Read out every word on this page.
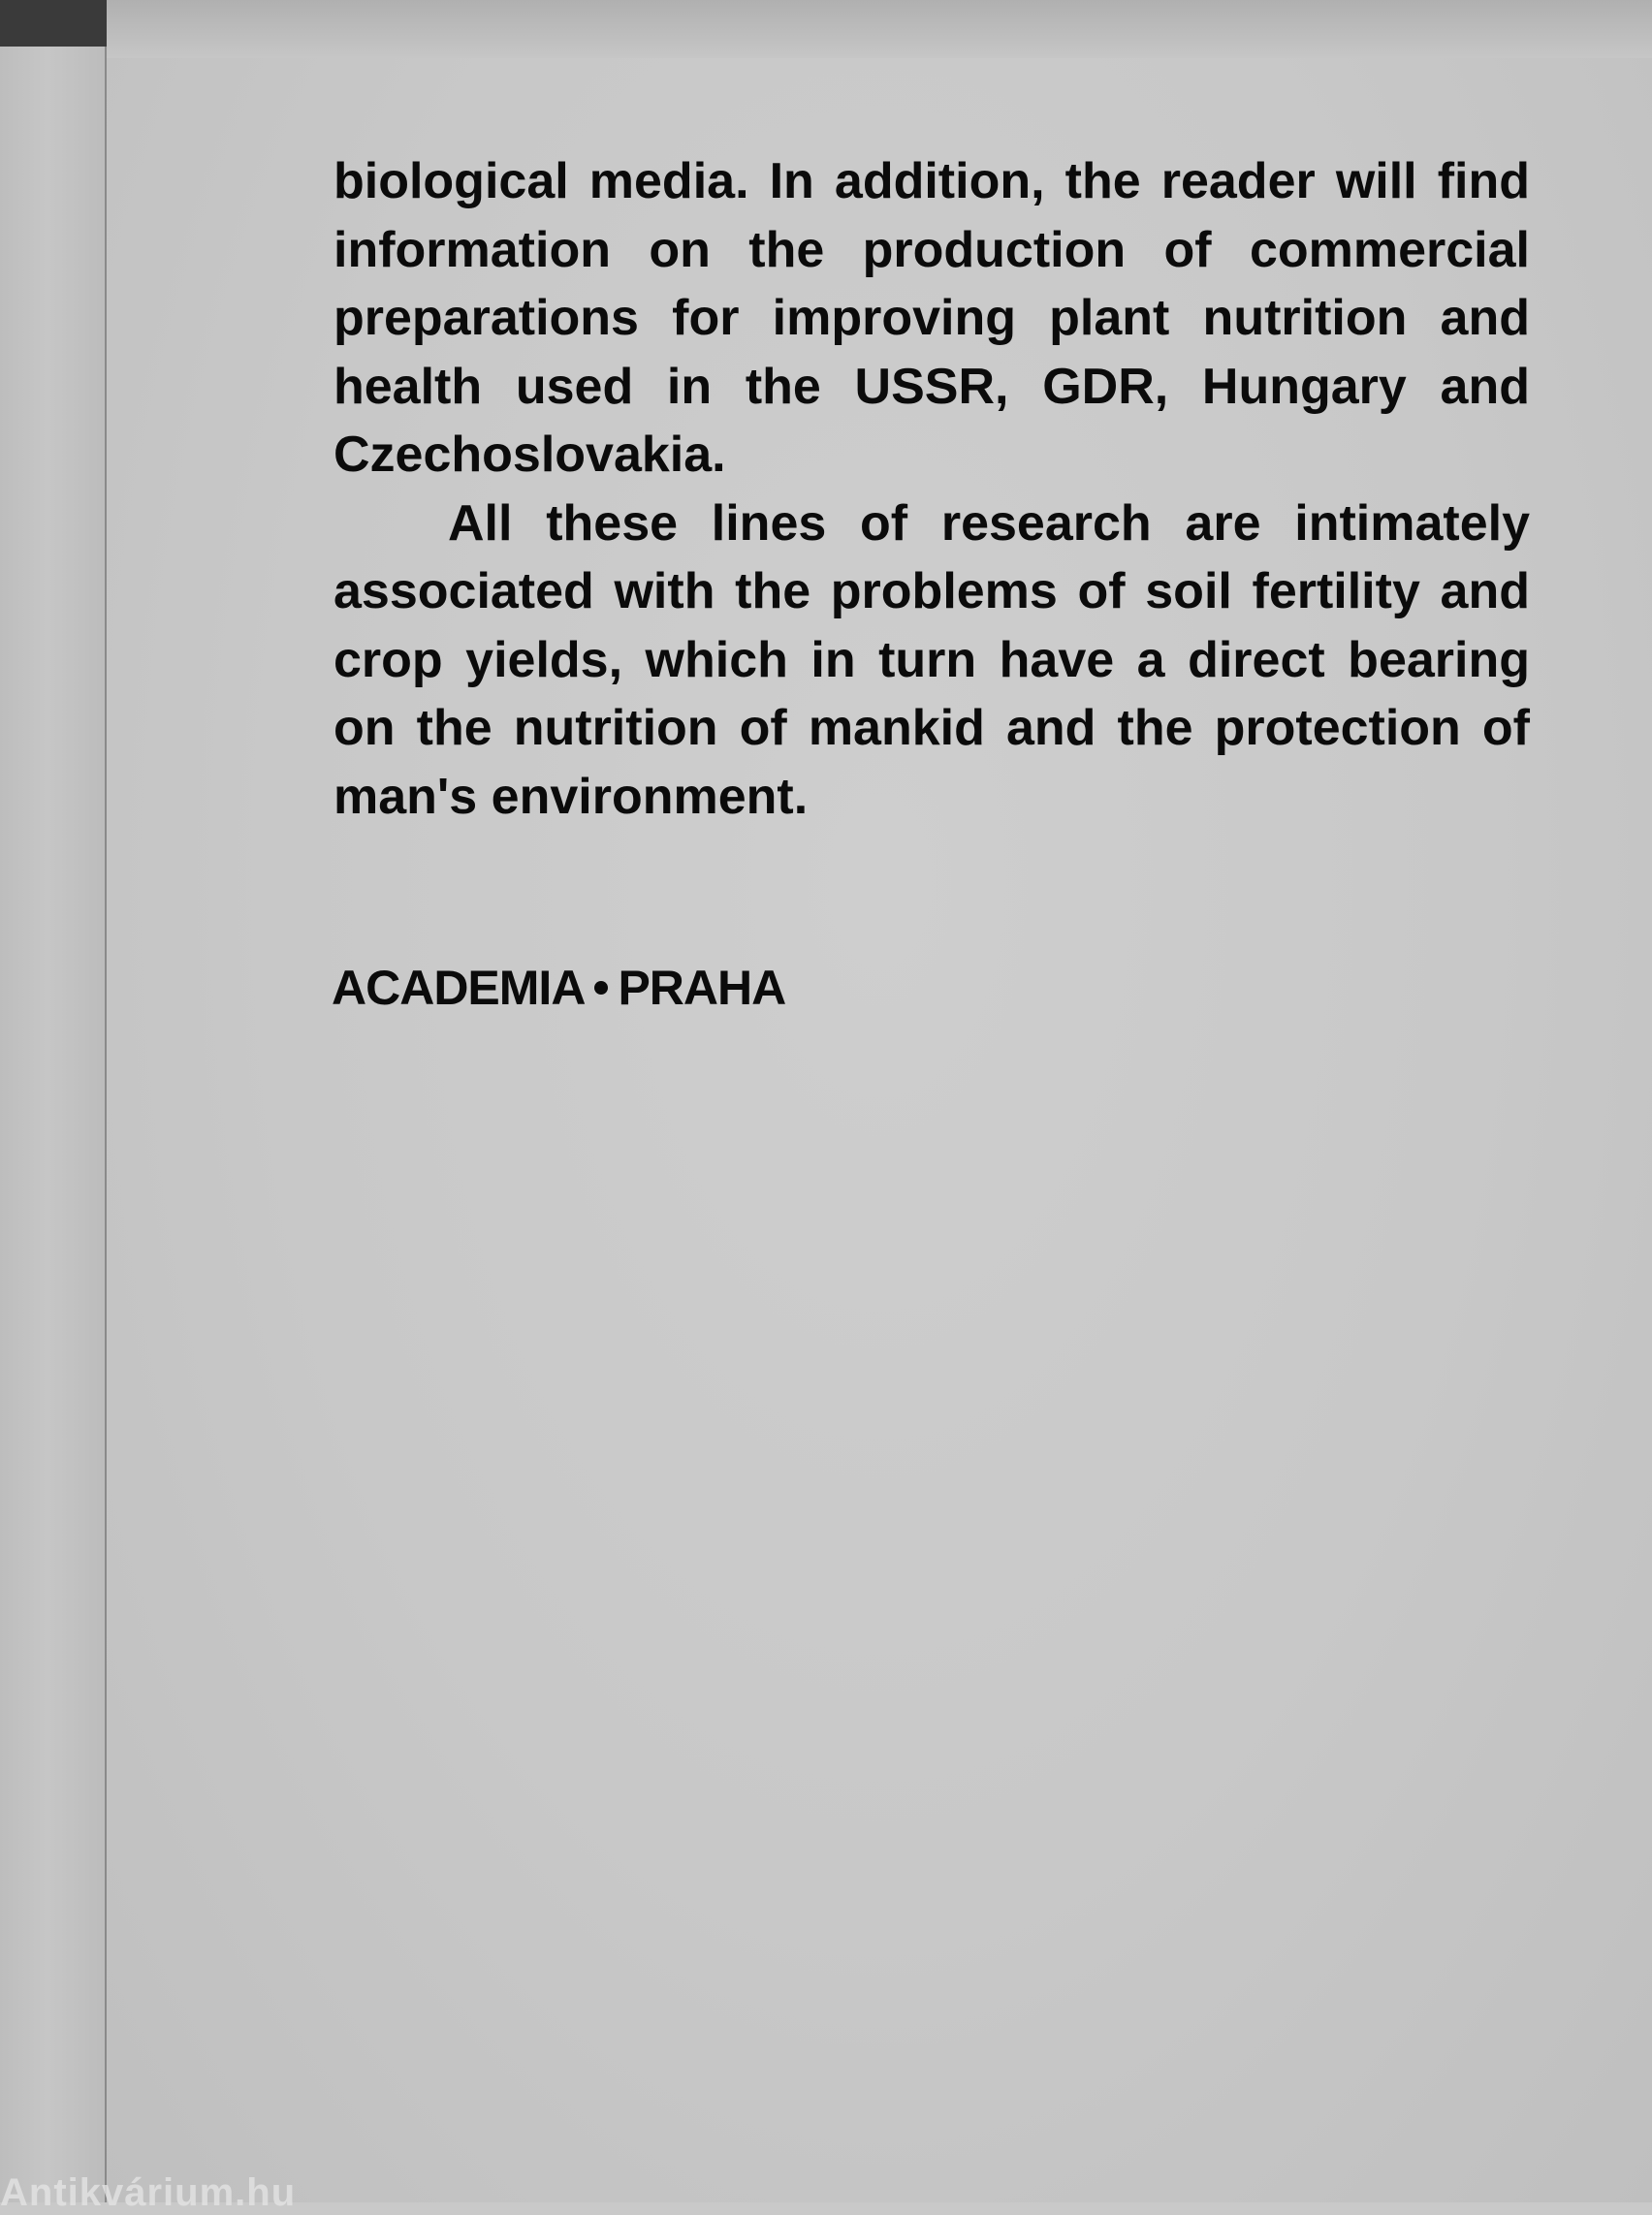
biological media. In addition, the reader will find information on the production of commercial preparations for improving plant nutrition and health used in the USSR, GDR, Hungary and Czechoslovakia.

All these lines of research are intimately associated with the problems of soil fertility and crop yields, which in turn have a direct bearing on the nutrition of mankid and the protection of man's environment.

ACADEMIA PRAHA
Antikvárium.hu
